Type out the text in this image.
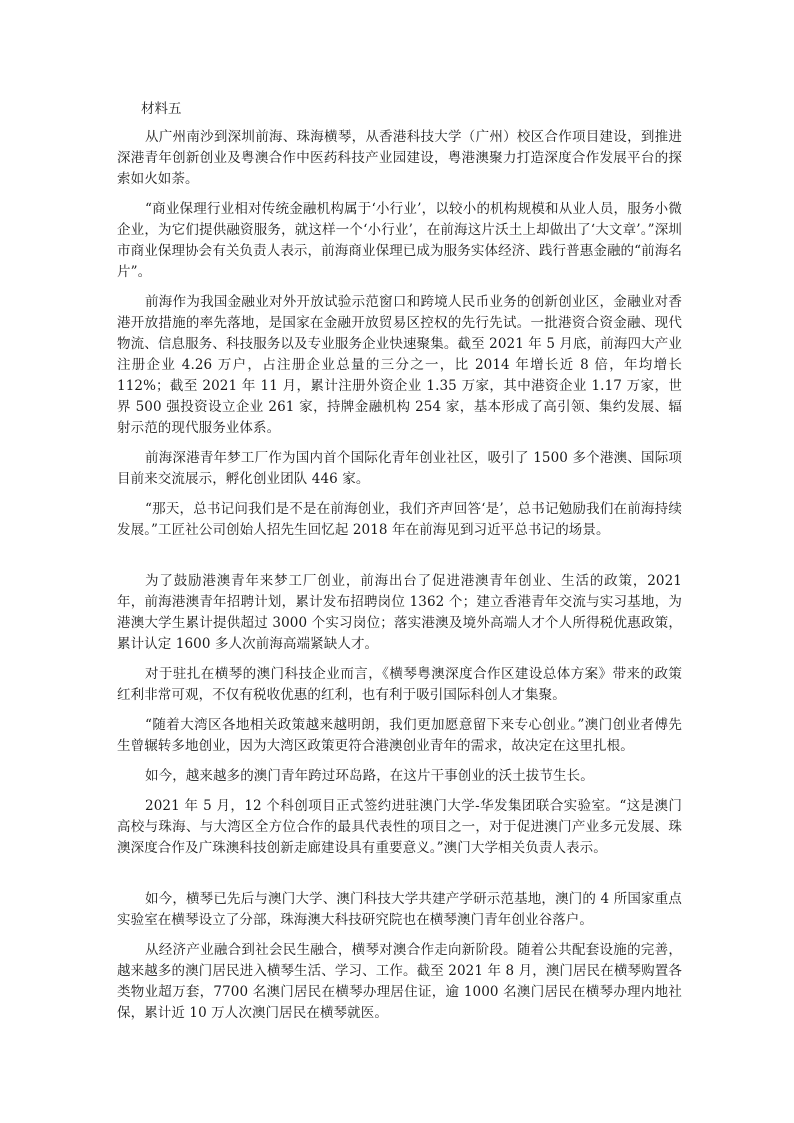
材料五

从广州南沙到深圳前海、珠海横琴，从香港科技大学（广州）校区合作项目建设，到推进深港青年创新创业及粤澳合作中医药科技产业园建设，粤港澳聚力打造深度合作发展平台的探索如火如荼。

“商业保理行业相对传统金融机构属于‘小行业’，以较小的机构规模和从业人员，服务小微企业，为它们提供融资服务，就这样一个‘小行业’，在前海这片沃土上却做出了‘大文章’。”深圳市商业保理协会有关负责人表示，前海商业保理已成为服务实体经济、践行普惠金融的“前海名片”。

前海作为我国金融业对外开放试验示范窗口和跨境人民币业务的创新创业区，金融业对香港开放措施的率先落地，是国家在金融开放贸易区控权的先行先试。一批港资合资金融、现代物流、信息服务、科技服务以及专业服务企业快速聚集。截至 2021 年 5 月底，前海四大产业注册企业 4.26 万户，占注册企业总量的三分之一，比 2014 年增长近 8 倍，年均增长 112%；截至 2021 年 11 月，累计注册外资企业 1.35 万家，其中港资企业 1.17 万家，世界 500 强投资设立企业 261 家，持牌金融机构 254 家，基本形成了高引领、集约发展、辐射示范的现代服务业体系。

前海深港青年梦工厂作为国内首个国际化青年创业社区，吸引了 1500 多个港澳、国际项目前来交流展示，孵化创业团队 446 家。

“那天，总书记问我们是不是在前海创业，我们齐声回答‘是’，总书记勉励我们在前海持续发展。”工匠社公司创始人招先生回忆起 2018 年在前海见到习近平总书记的场景。

为了鼓励港澳青年来梦工厂创业，前海出台了促进港澳青年创业、生活的政策，2021 年，前海港澳青年招聘计划，累计发布招聘岗位 1362 个；建立香港青年交流与实习基地，为港澳大学生累计提供超过 3000 个实习岗位；落实港澳及境外高端人才个人所得税优惠政策，累计认定 1600 多人次前海高端紧缺人才。

对于驻扎在横琴的澳门科技企业而言，《横琴粤澳深度合作区建设总体方案》带来的政策红利非常可观，不仅有税收优惠的红利，也有利于吸引国际科创人才集聚。

“随着大湾区各地相关政策越来越明朗，我们更加愿意留下来专心创业。”澳门创业者傅先生曾辗转多地创业，因为大湾区政策更符合港澳创业青年的需求，故决定在这里扎根。

如今，越来越多的澳门青年跨过环岛路，在这片干事创业的沃土拔节生长。

2021 年 5 月，12 个科创项目正式签约进驻澳门大学-华发集团联合实验室。“这是澳门高校与珠海、与大湾区全方位合作的最具代表性的项目之一，对于促进澳门产业多元发展、珠澳深度合作及广珠澳科技创新走廊建设具有重要意义。”澳门大学相关负责人表示。

如今，横琴已先后与澳门大学、澳门科技大学共建产学研示范基地，澳门的 4 所国家重点实验室在横琴设立了分部，珠海澳大科技研究院也在横琴澳门青年创业谷落户。

从经济产业融合到社会民生融合，横琴对澳合作走向新阶段。随着公共配套设施的完善，越来越多的澳门居民进入横琴生活、学习、工作。截至 2021 年 8 月，澳门居民在横琴购置各类物业超万套，7700 名澳门居民在横琴办理居住证，逾 1000 名澳门居民在横琴办理内地社保，累计近 10 万人次澳门居民在横琴就医。
